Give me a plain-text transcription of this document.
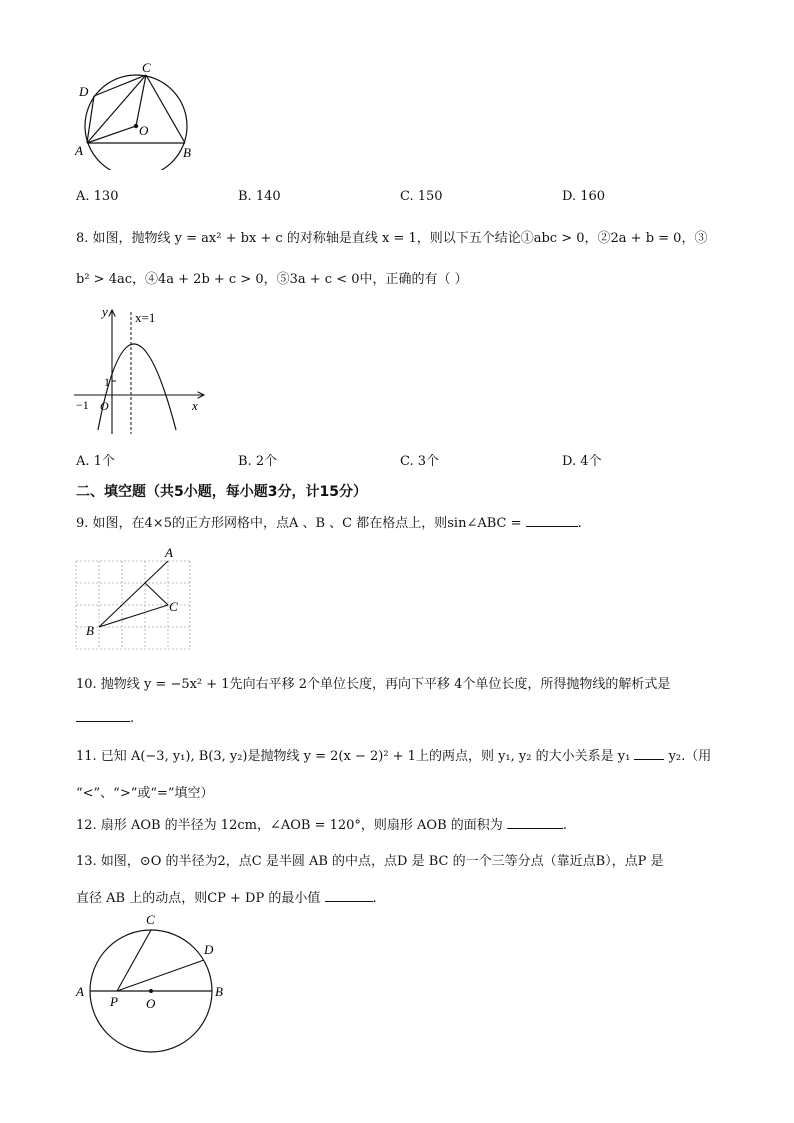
A	B
C
D
O
A. 130	B. 140	C. 150	D. 160
8. 如图，抛物线 y = ax² + bx + c 的对称轴是直线 x = 1，则以下五个结论①abc > 0，②2a + b = 0，③
b² > 4ac，④4a + 2b + c > 0，⑤3a + c < 0中，正确的有（ ）
y
x
x=1
1
−1 O
A. 1个	B. 2个	C. 3个	D. 4个
二、填空题（共5小题，每小题3分，计15分）
9. 如图，在4×5的正方形网格中，点A 、B 、C 都在格点上，则sin∠ABC =	.
A
B
C
10. 抛物线 y = −5x² + 1先向右平移 2个单位长度，再向下平移 4个单位长度，所得抛物线的解析式是
.
11. 已知 A(−3, y₁), B(3, y₂)是抛物线 y = 2(x − 2)² + 1上的两点，则 y₁, y₂ 的大小关系是 y₁	y₂.（用
“<”、“>”或“=”填空）
12. 扇形 AOB 的半径为 12cm，∠AOB = 120°，则扇形 AOB 的面积为	.
13. 如图，⊙O 的半径为2，点C 是半圆 AB 的中点，点D 是 BC 的一个三等分点（靠近点B），点P 是
直径 AB 上的动点，则CP + DP 的最小值	.
A	B
C
D
P O
